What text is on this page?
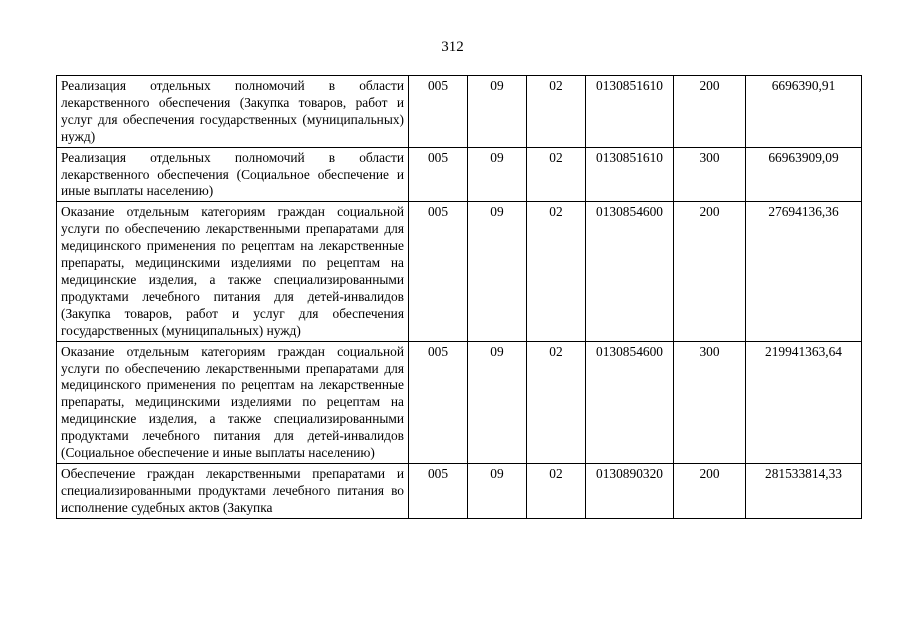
312
Реализация отдельных полномочий в области лекарственного обеспечения (Закупка товаров, работ и услуг для обеспечения государственных (муниципальных) нужд)	005	09	02	0130851610	200	6696390,91
Реализация отдельных полномочий в области лекарственного обеспечения (Социальное обеспечение и иные выплаты населению)	005	09	02	0130851610	300	66963909,09
Оказание отдельным категориям граждан социальной услуги по обеспечению лекарственными препаратами для медицинского применения по рецептам на лекарственные препараты, медицинскими изделиями по рецептам на медицинские изделия, а также специализированными продуктами лечебного питания для детей-инвалидов (Закупка товаров, работ и услуг для обеспечения государственных (муниципальных) нужд)	005	09	02	0130854600	200	27694136,36
Оказание отдельным категориям граждан социальной услуги по обеспечению лекарственными препаратами для медицинского применения по рецептам на лекарственные препараты, медицинскими изделиями по рецептам на медицинские изделия, а также специализированными продуктами лечебного питания для детей-инвалидов (Социальное обеспечение и иные выплаты населению)	005	09	02	0130854600	300	219941363,64
Обеспечение граждан лекарственными препаратами и специализированными продуктами лечебного питания во исполнение судебных актов (Закупка	005	09	02	0130890320	200	281533814,33
